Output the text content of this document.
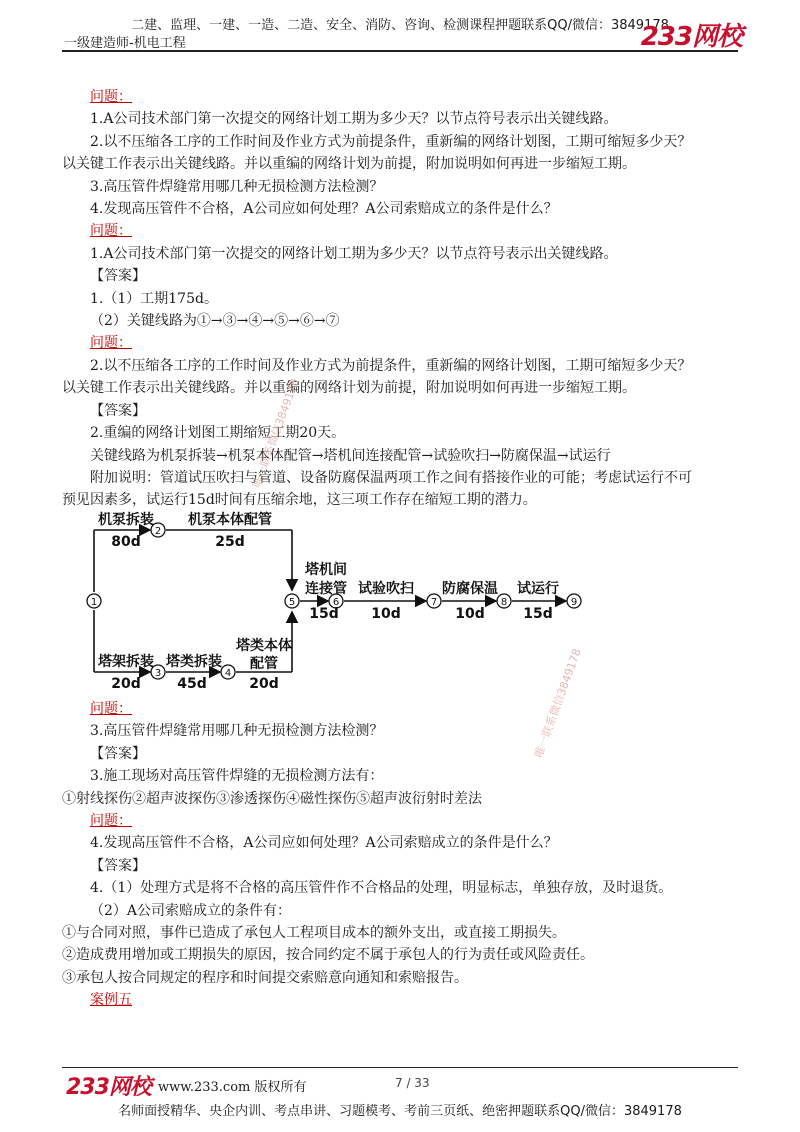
二建、监理、一建、一造、二造、安全、消防、咨询、检测课程押题联系QQ/微信：3849178
一级建造师-机电工程	233网校

问题：

1.A公司技术部门第一次提交的网络计划工期为多少天？以节点符号表示出关键线路。

2.以不压缩各工序的工作时间及作业方式为前提条件，重新编的网络计划图，工期可缩短多少天？

以关键工作表示出关键线路。并以重编的网络计划为前提，附加说明如何再进一步缩短工期。

3.高压管件焊缝常用哪几种无损检测方法检测？

4.发现高压管件不合格，A公司应如何处理？A公司索赔成立的条件是什么？

问题：

1.A公司技术部门第一次提交的网络计划工期为多少天？以节点符号表示出关键线路。

【答案】

1.（1）工期175d。

（2）关键线路为①→③→④→⑤→⑥→⑦

问题：

2.以不压缩各工序的工作时间及作业方式为前提条件，重新编的网络计划图，工期可缩短多少天？

以关键工作表示出关键线路。并以重编的网络计划为前提，附加说明如何再进一步缩短工期。

【答案】

2.重编的网络计划图工期缩短工期20天。

关键线路为机泵拆装→机泵本体配管→塔机间连接配管→试验吹扫→防腐保温→试运行

附加说明：管道试压吹扫与管道、设备防腐保温两项工作之间有搭接作业的可能；考虑试运行不可

预见因素多，试运行15d时间有压缩余地，这三项工作存在缩短工期的潜力。

1
2
3	4
5	6	7	8	9
机泵拆装
80d
机泵本体配管
25d
塔架拆装
20d
塔类拆装
45d
塔类本体
配管
20d
塔机间
连接管
15d
试验吹扫
10d
防腐保温
10d
试运行
15d

问题：

3.高压管件焊缝常用哪几种无损检测方法检测？

【答案】

3.施工现场对高压管件焊缝的无损检测方法有：

①射线探伤②超声波探伤③渗透探伤④磁性探伤⑤超声波衍射时差法

问题：

4.发现高压管件不合格，A公司应如何处理？A公司索赔成立的条件是什么？

【答案】

4.（1）处理方式是将不合格的高压管件作不合格品的处理，明显标志，单独存放，及时退货。

（2）A公司索赔成立的条件有：

①与合同对照，事件已造成了承包人工程项目成本的额外支出，或直接工期损失。

②造成费用增加或工期损失的原因，按合同约定不属于承包人的行为责任或风险责任。

③承包人按合同规定的程序和时间提交索赔意向通知和索赔报告。

案例五

唯一联系微信3849178
唯一联系微信3849178
233网校 www.233.com 版权所有	7 / 33
名师面授精华、央企内训、考点串讲、习题模考、考前三页纸、绝密押题联系QQ/微信：3849178
